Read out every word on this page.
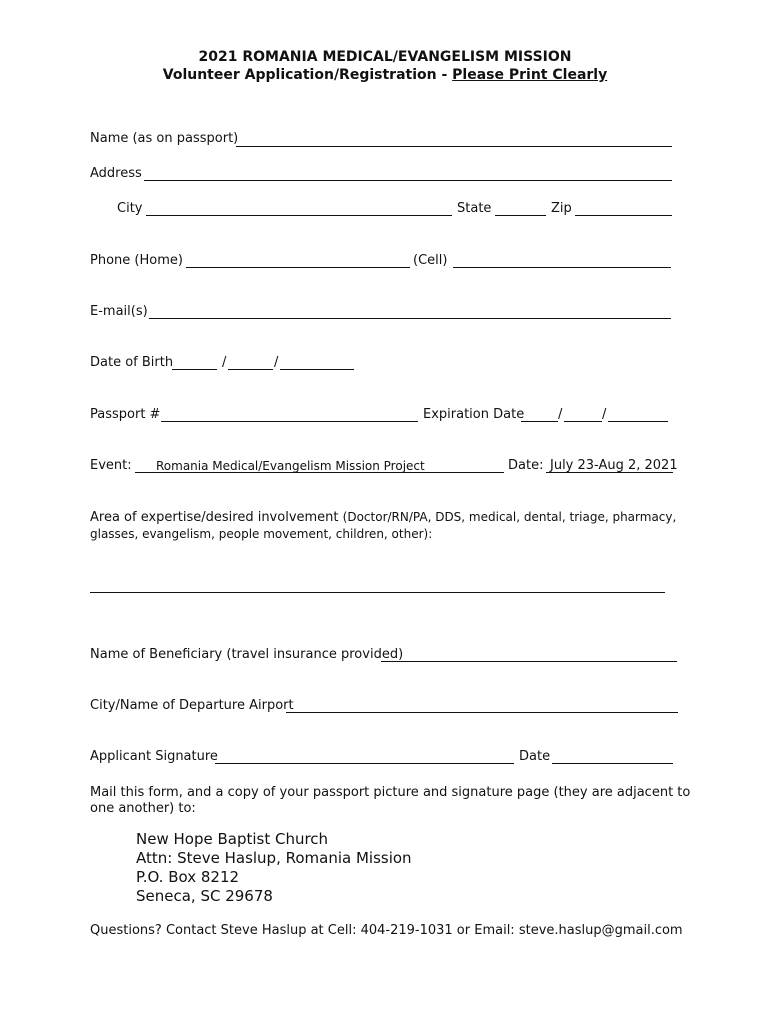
2021 ROMANIA MEDICAL/EVANGELISM MISSION
Volunteer Application/Registration - Please Print Clearly
Name (as on passport)
Address
City	State	Zip
Phone (Home)	(Cell)
E-mail(s)
Date of Birth	/	/
Passport #	Expiration Date	/	/
Event: Romania Medical/Evangelism Mission Project	Date: July 23-Aug 2, 2021
Area of expertise/desired involvement (Doctor/RN/PA, DDS, medical, dental, triage, pharmacy,
glasses, evangelism, people movement, children, other):
Name of Beneficiary (travel insurance provided)
City/Name of Departure Airport
Applicant Signature	Date
Mail this form, and a copy of your passport picture and signature page (they are adjacent to
one another) to:
New Hope Baptist Church
Attn: Steve Haslup, Romania Mission
P.O. Box 8212
Seneca, SC 29678
Questions? Contact Steve Haslup at Cell: 404-219-1031 or Email: steve.haslup@gmail.com
